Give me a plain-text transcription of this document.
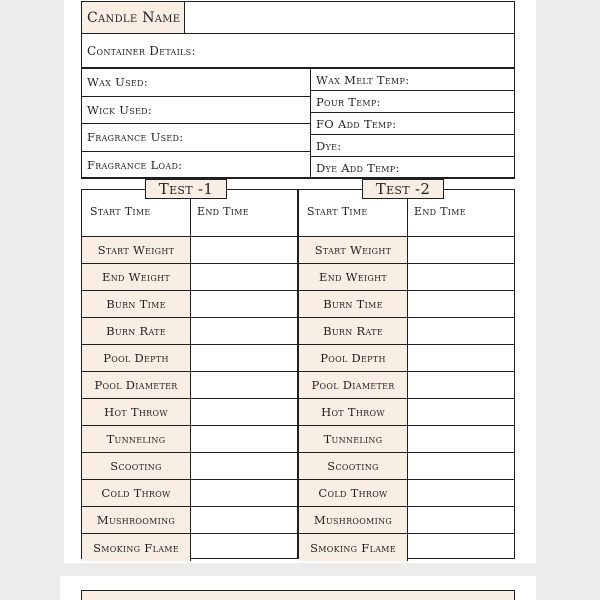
Candle Name
Container Details:
Wax Used:
Wick Used:
Fragrance Used:
Fragrance Load:
Wax Melt Temp:
Pour Temp:
FO Add Temp:
Dye:
Dye Add Temp:
Test -1
Start Time	End Time
Start Weight
End Weight
Burn Time
Burn Rate
Pool Depth
Pool Diameter
Hot Throw
Tunneling
Scooting
Cold Throw
Mushrooming
Smoking Flame
Test -2
Start Time	End Time
Start Weight
End Weight
Burn Time
Burn Rate
Pool Depth
Pool Diameter
Hot Throw
Tunneling
Scooting
Cold Throw
Mushrooming
Smoking Flame
